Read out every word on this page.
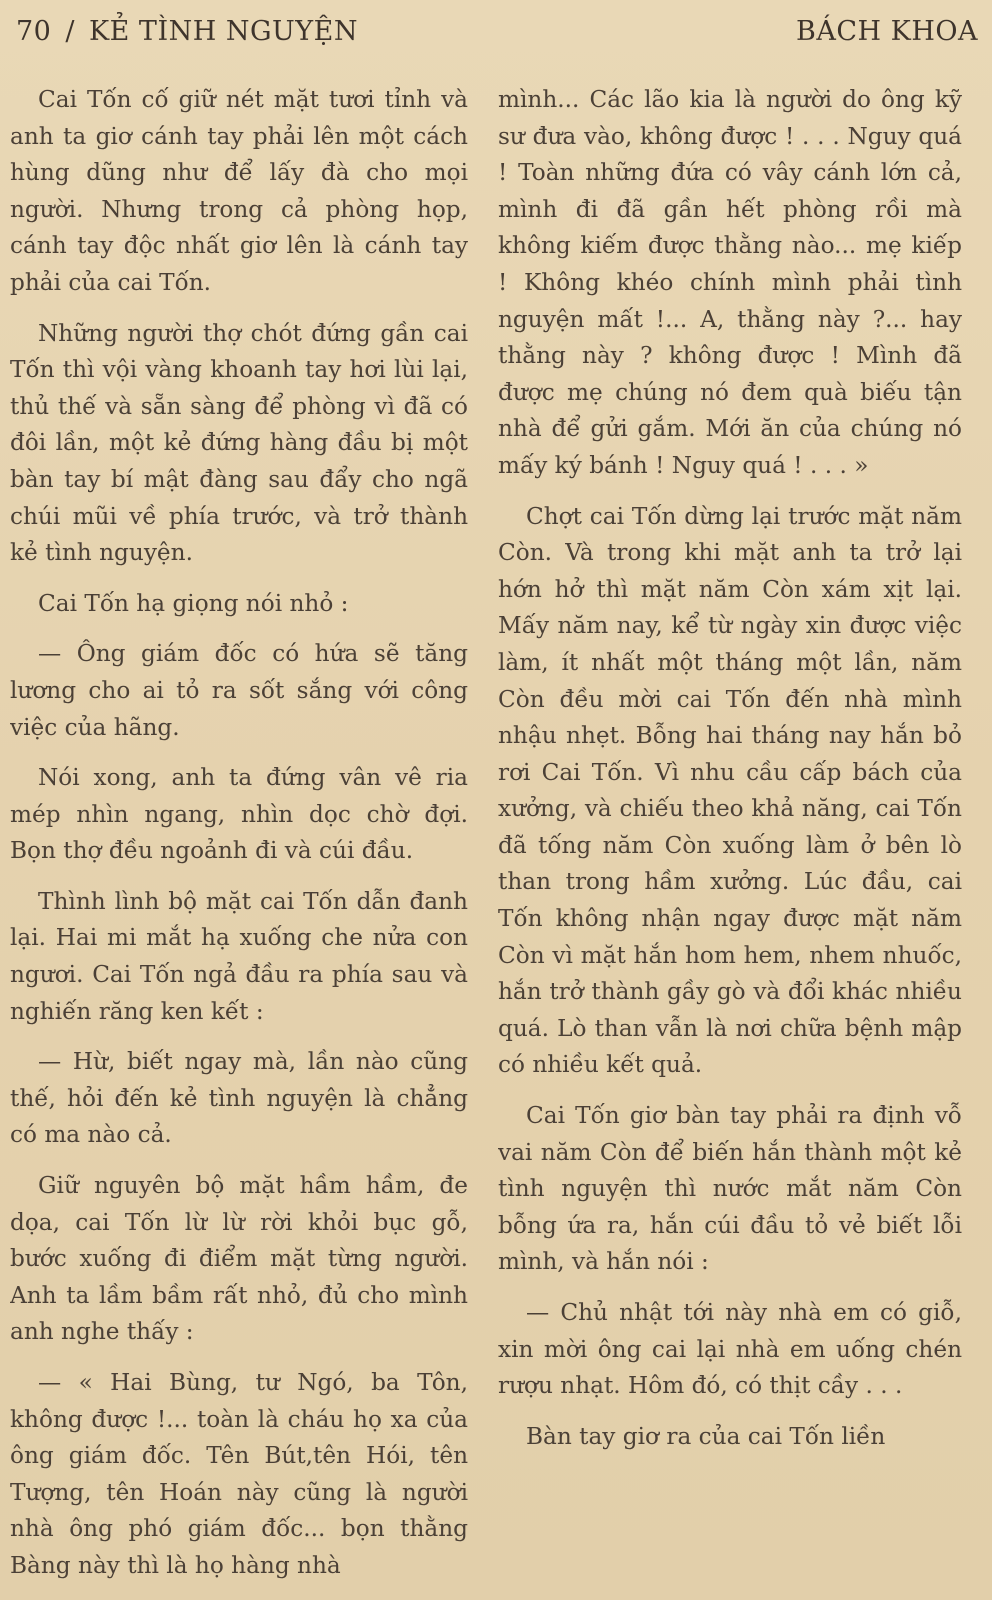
70 / KẺ TÌNH NGUYỆN	BÁCH KHOA

Cai Tốn cố giữ nét mặt tươi tỉnh và anh ta giơ cánh tay phải lên một cách hùng dũng như để lấy đà cho mọi người. Nhưng trong cả phòng họp, cánh tay độc nhất giơ lên là cánh tay phải của cai Tốn.

Những người thợ chót đứng gần cai Tốn thì vội vàng khoanh tay hơi lùi lại, thủ thế và sẵn sàng để phòng vì đã có đôi lần, một kẻ đứng hàng đầu bị một bàn tay bí mật đàng sau đẩy cho ngã chúi mũi về phía trước, và trở thành kẻ tình nguyện.

Cai Tốn hạ giọng nói nhỏ :

— Ông giám đốc có hứa sẽ tăng lương cho ai tỏ ra sốt sắng với công việc của hãng.

Nói xong, anh ta đứng vân vê ria mép nhìn ngang, nhìn dọc chờ đợi. Bọn thợ đều ngoảnh đi và cúi đầu.

Thình lình bộ mặt cai Tốn dẫn đanh lại. Hai mi mắt hạ xuống che nửa con ngươi. Cai Tốn ngả đầu ra phía sau và nghiến răng ken kết :

— Hừ, biết ngay mà, lần nào cũng thế, hỏi đến kẻ tình nguyện là chẳng có ma nào cả.

Giữ nguyên bộ mặt hầm hầm, đe dọa, cai Tốn lừ lừ rời khỏi bục gỗ, bước xuống đi điểm mặt từng người. Anh ta lầm bầm rất nhỏ, đủ cho mình anh nghe thấy :

— « Hai Bùng, tư Ngó, ba Tôn, không được !... toàn là cháu họ xa của ông giám đốc. Tên Bút,tên Hói, tên Tượng, tên Hoán này cũng là người nhà ông phó giám đốc... bọn thằng Bàng này thì là họ hàng nhà

mình... Các lão kia là người do ông kỹ sư đưa vào, không được ! . . . Nguy quá ! Toàn những đứa có vây cánh lớn cả, mình đi đã gần hết phòng rồi mà không kiếm được thằng nào... mẹ kiếp ! Không khéo chính mình phải tình nguyện mất !... A, thằng này ?... hay thằng này ? không được ! Mình đã được mẹ chúng nó đem quà biếu tận nhà để gửi gắm. Mới ăn của chúng nó mấy ký bánh ! Nguy quá ! . . . »

Chợt cai Tốn dừng lại trước mặt năm Còn. Và trong khi mặt anh ta trở lại hớn hở thì mặt năm Còn xám xịt lại. Mấy năm nay, kể từ ngày xin được việc làm, ít nhất một tháng một lần, năm Còn đều mời cai Tốn đến nhà mình nhậu nhẹt. Bỗng hai tháng nay hắn bỏ rơi Cai Tốn. Vì nhu cầu cấp bách của xưởng, và chiếu theo khả năng, cai Tốn đã tống năm Còn xuống làm ở bên lò than trong hầm xưởng. Lúc đầu, cai Tốn không nhận ngay được mặt năm Còn vì mặt hắn hom hem, nhem nhuốc, hắn trở thành gầy gò và đổi khác nhiều quá. Lò than vẫn là nơi chữa bệnh mập có nhiều kết quả.

Cai Tốn giơ bàn tay phải ra định vỗ vai năm Còn để biến hắn thành một kẻ tình nguyện thì nước mắt năm Còn bỗng ứa ra, hắn cúi đầu tỏ vẻ biết lỗi mình, và hắn nói :

— Chủ nhật tới này nhà em có giỗ, xin mời ông cai lại nhà em uống chén rượu nhạt. Hôm đó, có thịt cầy . . .

Bàn tay giơ ra của cai Tốn liền
